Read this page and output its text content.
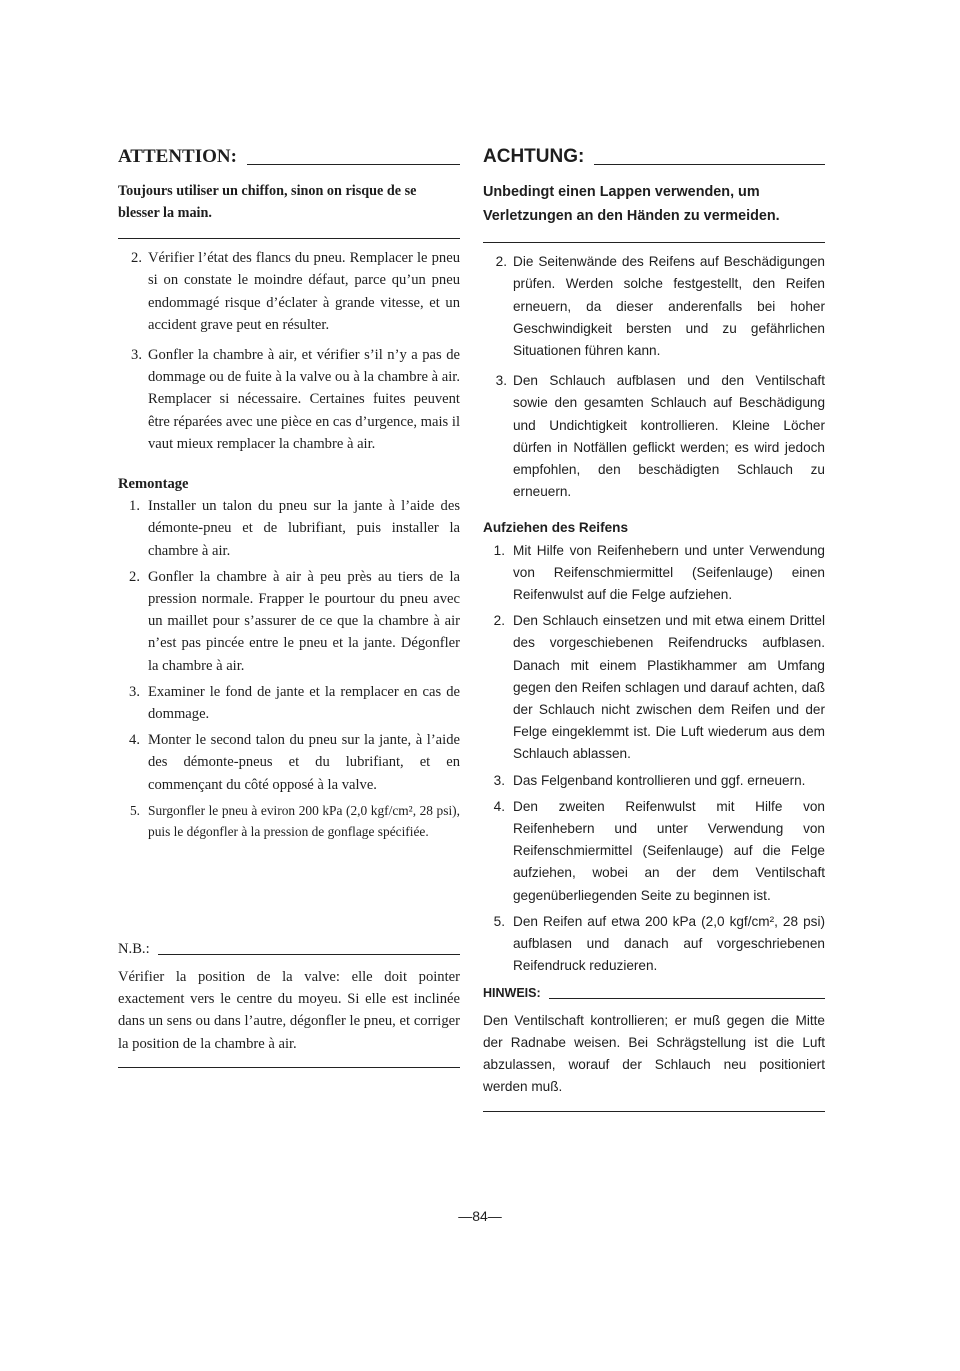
ATTENTION:
Toujours utiliser un chiffon, sinon on risque de se blesser la main.
2. Vérifier l’état des flancs du pneu. Remplacer le pneu si on constate le moindre défaut, parce qu’un pneu endommagé risque d’éclater à grande vitesse, et un accident grave peut en résulter.
3. Gonfler la chambre à air, et vérifier s’il n’y a pas de dommage ou de fuite à la valve ou à la chambre à air. Remplacer si nécessaire. Certaines fuites peuvent être réparées avec une pièce en cas d’urgence, mais il vaut mieux remplacer la chambre à air.
Remontage
1. Installer un talon du pneu sur la jante à l’aide des démonte-pneu et de lubrifiant, puis installer la chambre à air.
2. Gonfler la chambre à air à peu près au tiers de la pression normale. Frapper le pourtour du pneu avec un maillet pour s’assurer de ce que la chambre à air n’est pas pincée entre le pneu et la jante. Dégonfler la chambre à air.
3. Examiner le fond de jante et la remplacer en cas de dommage.
4. Monter le second talon du pneu sur la jante, à l’aide des démonte-pneus et du lubrifiant, et en commençant du côté opposé à la valve.
5. Surgonfler le pneu à eviron 200 kPa (2,0 kgf/cm², 28 psi), puis le dégonfler à la pression de gonflage spécifiée.
N.B.:
Vérifier la position de la valve: elle doit pointer exactement vers le centre du moyeu. Si elle est inclinée dans un sens ou dans l’autre, dégonfler le pneu, et corriger la position de la chambre à air.
ACHTUNG:
Unbedingt einen Lappen verwenden, um Verletzungen an den Händen zu vermeiden.
2. Die Seitenwände des Reifens auf Beschädigungen prüfen. Werden solche festgestellt, den Reifen erneuern, da dieser anderenfalls bei hoher Geschwindigkeit bersten und zu gefährlichen Situationen führen kann.
3. Den Schlauch aufblasen und den Ventilschaft sowie den gesamten Schlauch auf Beschädigung und Undichtigkeit kontrollieren. Kleine Löcher dürfen in Notfällen geflickt werden; es wird jedoch empfohlen, den beschädigten Schlauch zu erneuern.
Aufziehen des Reifens
1. Mit Hilfe von Reifenhebern und unter Verwendung von Reifenschmiermittel (Seifenlauge) einen Reifenwulst auf die Felge aufziehen.
2. Den Schlauch einsetzen und mit etwa einem Drittel des vorgeschiebenen Reifendrucks aufblasen. Danach mit einem Plastikhammer am Umfang gegen den Reifen schlagen und darauf achten, daß der Schlauch nicht zwischen dem Reifen und der Felge eingeklemmt ist. Die Luft wiederum aus dem Schlauch ablassen.
3. Das Felgenband kontrollieren und ggf. erneuern.
4. Den zweiten Reifenwulst mit Hilfe von Reifenhebern und unter Verwendung von Reifenschmiermittel (Seifenlauge) auf die Felge aufziehen, wobei an der dem Ventilschaft gegenüberliegenden Seite zu beginnen ist.
5. Den Reifen auf etwa 200 kPa (2,0 kgf/cm², 28 psi) aufblasen und danach auf vorgeschriebenen Reifendruck reduzieren.
HINWEIS:
Den Ventilschaft kontrollieren; er muß gegen die Mitte der Radnabe weisen. Bei Schrägstellung ist die Luft abzulassen, worauf der Schlauch neu positioniert werden muß.
—84—
